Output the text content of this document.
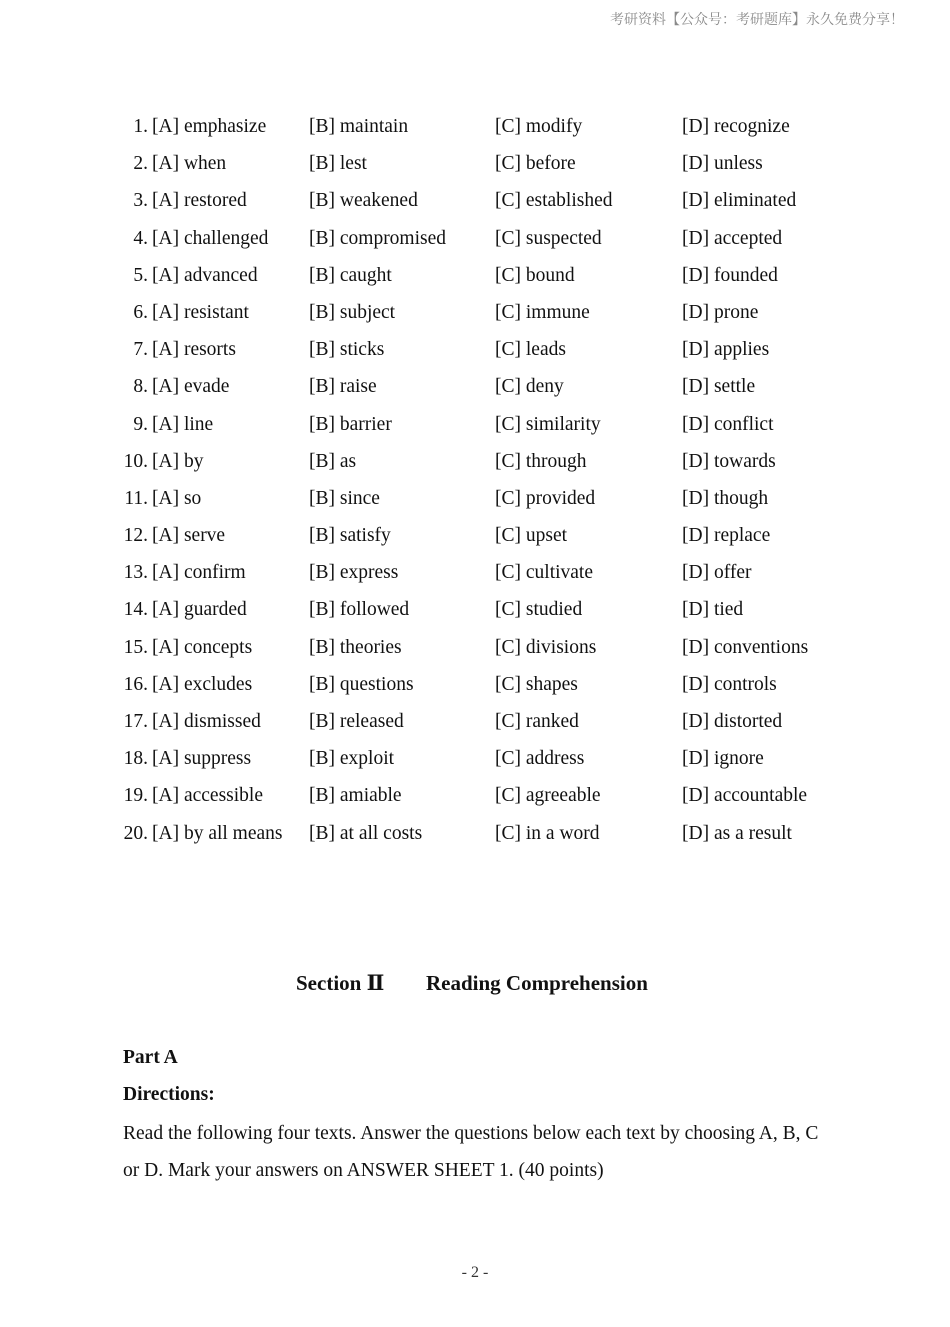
考研资料【公众号：考研题库】永久免费分享！
1. [A] emphasize [B] maintain	[C] modify	[D] recognize
2. [A] when	[B] lest	[C] before	[D] unless
3. [A] restored	[B] weakened	[C] established	[D] eliminated
4. [A] challenged [B] compromised	[C] suspected	[D] accepted
5. [A] advanced	[B] caught	[C] bound	[D] founded
6. [A] resistant	[B] subject	[C] immune	[D] prone
7. [A] resorts	[B] sticks	[C] leads	[D] applies
8. [A] evade	[B] raise	[C] deny	[D] settle
9. [A] line	[B] barrier	[C] similarity	[D] conflict
10. [A] by	[B] as	[C] through	[D] towards
11. [A] so	[B] since	[C] provided	[D] though
12. [A] serve	[B] satisfy	[C] upset	[D] replace
13. [A] confirm	[B] express	[C] cultivate	[D] offer
14. [A] guarded	[B] followed	[C] studied	[D] tied
15. [A] concepts	[B] theories	[C] divisions	[D] conventions
16. [A] excludes	[B] questions	[C] shapes	[D] controls
17. [A] dismissed [B] released	[C] ranked	[D] distorted
18. [A] suppress	[B] exploit	[C] address	[D] ignore
19. [A] accessible [B] amiable	[C] agreeable	[D] accountable
20. [A] by all means [B] at all costs	[C] in a word	[D] as a result
Section Ⅱ Reading Comprehension
Part A
Directions:
Read the following four texts. Answer the questions below each text by choosing A, B, C or D. Mark your answers on ANSWER SHEET 1. (40 points)
- 2 -
